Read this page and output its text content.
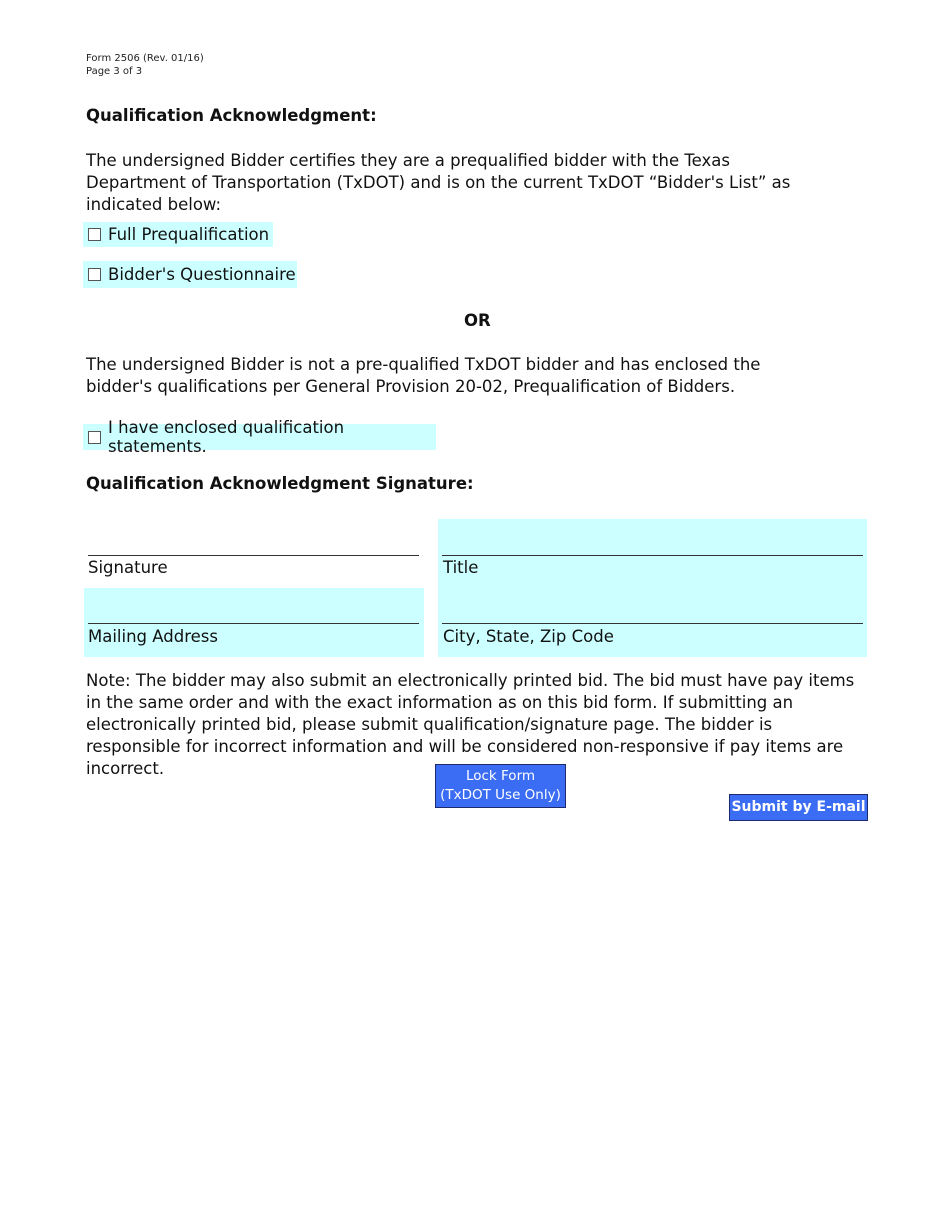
Form 2506 (Rev. 01/16)
Page 3 of 3
Qualification Acknowledgment:
The undersigned Bidder certifies they are a prequalified bidder with the Texas Department of Transportation (TxDOT) and is on the current TxDOT “Bidder's List” as indicated below:
Full Prequalification
Bidder's Questionnaire
OR
The undersigned Bidder is not a pre-qualified TxDOT bidder and has enclosed the bidder's qualifications per General Provision 20-02, Prequalification of Bidders.
I have enclosed qualification statements.
Qualification Acknowledgment Signature:
Signature	Title
Mailing Address	City, State, Zip Code
Note: The bidder may also submit an electronically printed bid. The bid must have pay items in the same order and with the exact information as on this bid form. If submitting an electronically printed bid, please submit qualification/signature page. The bidder is responsible for incorrect information and will be considered non-responsive if pay items are incorrect.	Lock Form
(TxDOT Use Only)
Submit by E-mail
